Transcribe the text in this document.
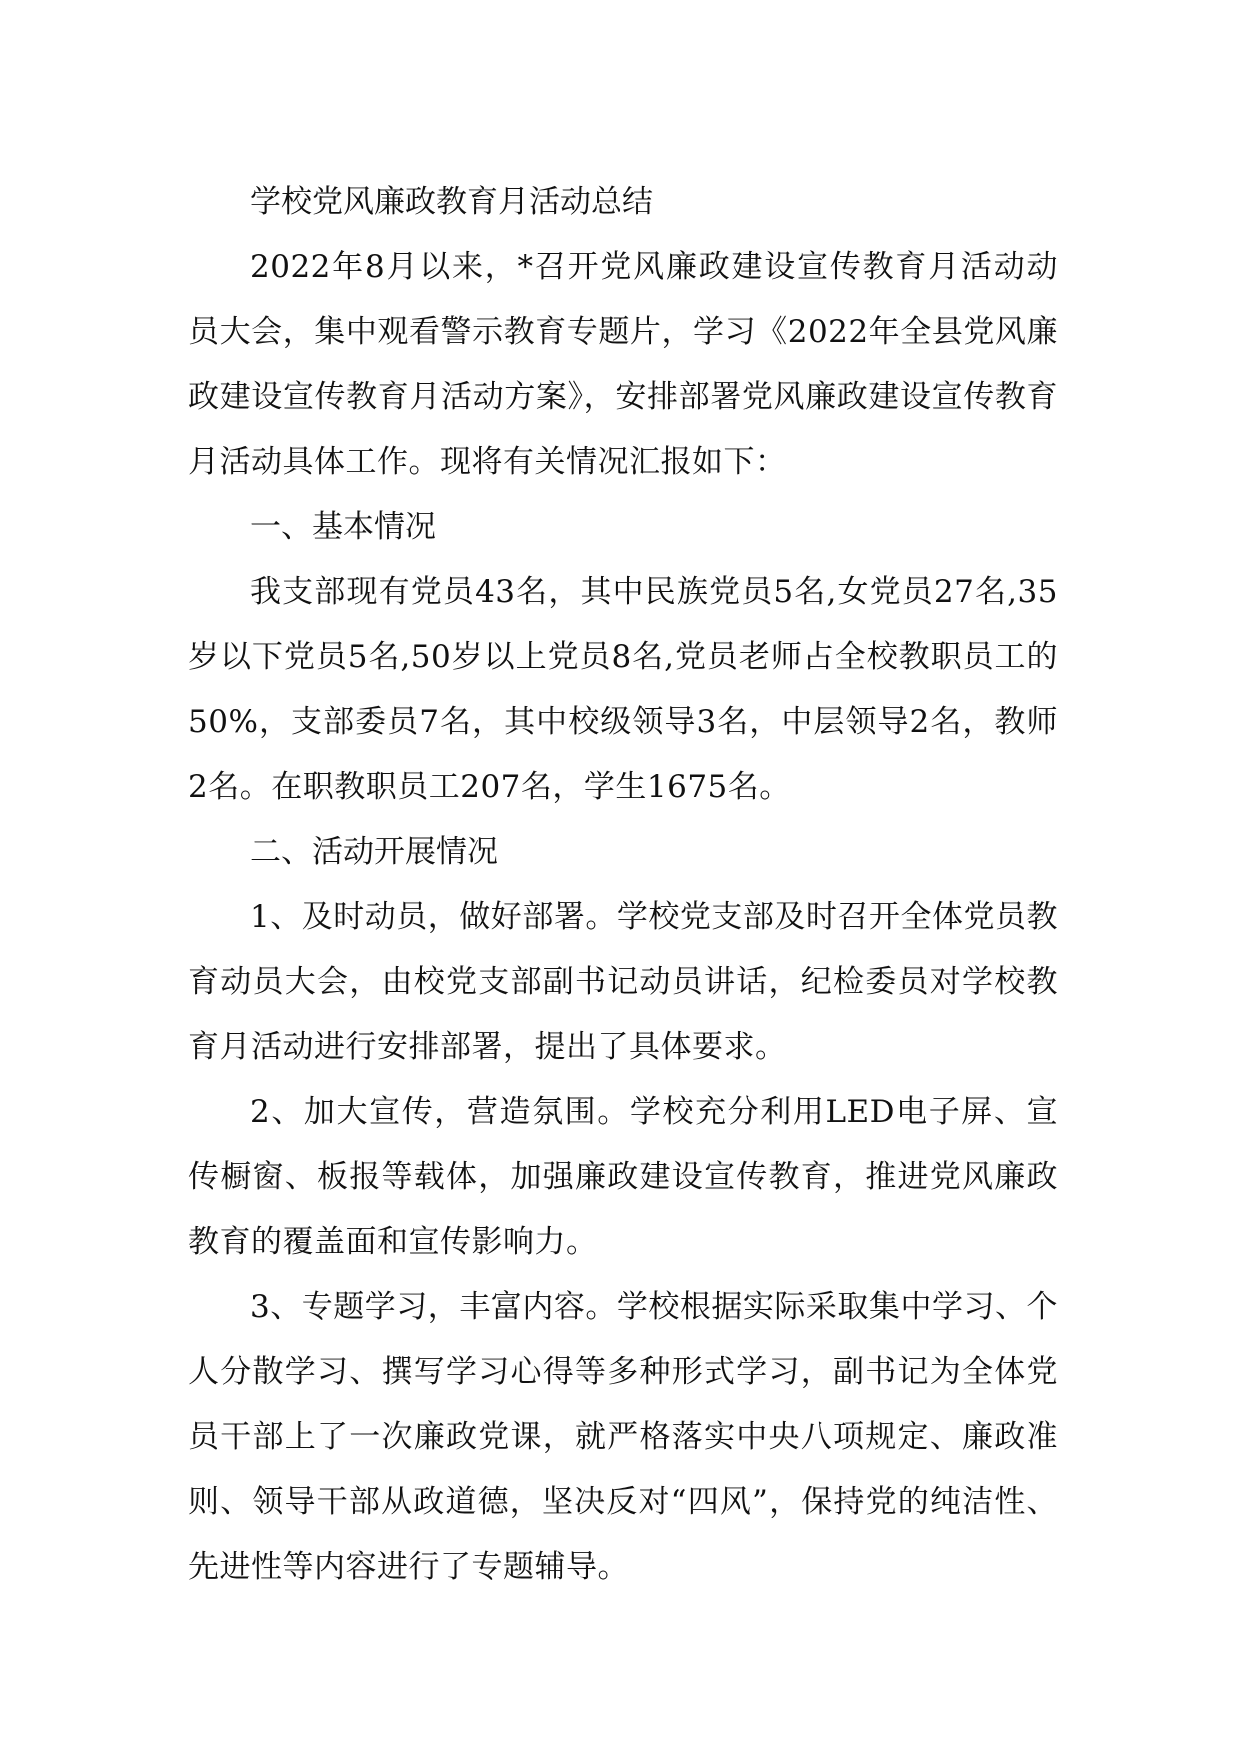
学校党风廉政教育月活动总结

2022年8月以来，*召开党风廉政建设宣传教育月活动动员大会，集中观看警示教育专题片，学习《2022年全县党风廉政建设宣传教育月活动方案》，安排部署党风廉政建设宣传教育月活动具体工作。现将有关情况汇报如下：

一、基本情况

我支部现有党员43名，其中民族党员5名,女党员27名,35岁以下党员5名,50岁以上党员8名,党员老师占全校教职员工的50%，支部委员7名，其中校级领导3名，中层领导2名，教师2名。在职教职员工207名，学生1675名。

二、活动开展情况

1、及时动员，做好部署。学校党支部及时召开全体党员教育动员大会，由校党支部副书记动员讲话，纪检委员对学校教育月活动进行安排部署，提出了具体要求。

2、加大宣传，营造氛围。学校充分利用LED电子屏、宣传橱窗、板报等载体，加强廉政建设宣传教育，推进党风廉政教育的覆盖面和宣传影响力。

3、专题学习，丰富内容。学校根据实际采取集中学习、个人分散学习、撰写学习心得等多种形式学习，副书记为全体党员干部上了一次廉政党课，就严格落实中央八项规定、廉政准则、领导干部从政道德，坚决反对“四风”，保持党的纯洁性、先进性等内容进行了专题辅导。
